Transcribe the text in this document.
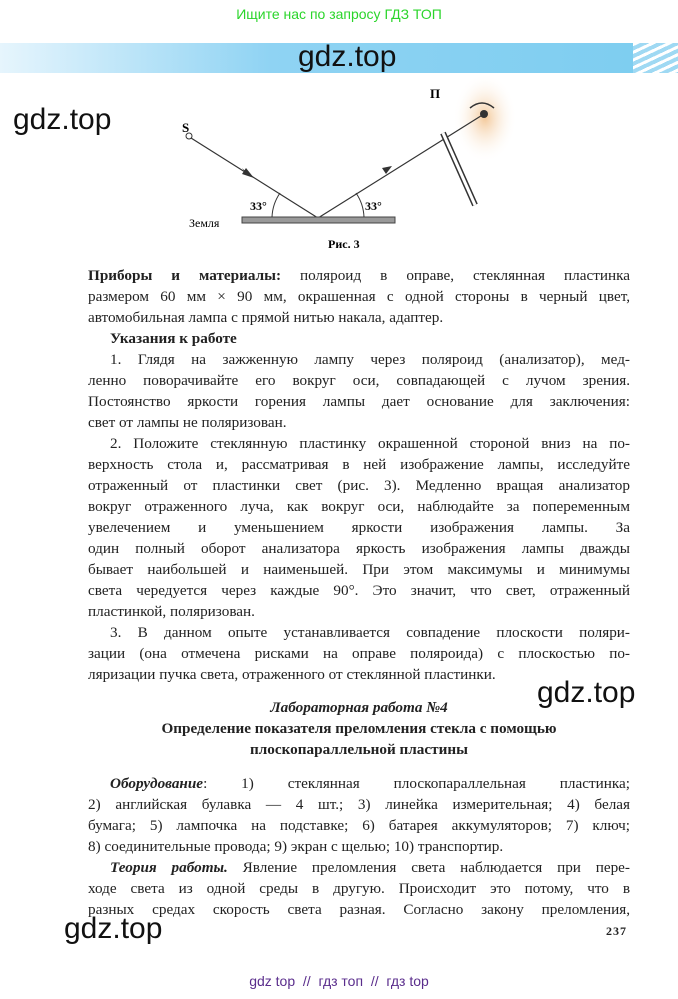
Ищите нас по запросу ГДЗ ТОП
gdz.top
gdz.top
gdz.top
gdz.top
S
П
33°	33°
Земля
Рис. 3
Приборы и материалы: поляроид в оправе, стеклянная пластинка
размером 60 мм × 90 мм, окрашенная с одной стороны в черный цвет,
автомобильная лампа с прямой нитью накала, адаптер.
Указания к работе
1. Глядя на зажженную лампу через поляроид (анализатор), мед-
ленно поворачивайте его вокруг оси, совпадающей с лучом зрения.
Постоянство яркости горения лампы дает основание для заключения:
свет от лампы не поляризован.
2. Положите стеклянную пластинку окрашенной стороной вниз на по-
верхность стола и, рассматривая в ней изображение лампы, исследуйте
отраженный от пластинки свет (рис. 3). Медленно вращая анализатор
вокруг отраженного луча, как вокруг оси, наблюдайте за попеременным
увелечением и уменьшением яркости изображения лампы. За
один полный оборот анализатора яркость изображения лампы дважды
бывает наибольшей и наименьшей. При этом максимумы и минимумы
света чередуется через каждые 90°. Это значит, что свет, отраженный
пластинкой, поляризован.
3. В данном опыте устанавливается совпадение плоскости поляри-
зации (она отмечена рисками на оправе поляроида) с плоскостью по-
ляризации пучка света, отраженного от стеклянной пластинки.
Лабораторная работа №4
Определение показателя преломления стекла с помощью
плоскопараллельной пластины
Оборудование: 1) стеклянная плоскопараллельная пластинка;
2) английская булавка — 4 шт.; 3) линейка измерительная; 4) белая
бумага; 5) лампочка на подставке; 6) батарея аккумуляторов; 7) ключ;
8) соединительные провода; 9) экран с щелью; 10) транспортир.
Теория работы. Явление преломления света наблюдается при пере-
ходе света из одной среды в другую. Происходит это потому, что в
разных средах скорость света разная. Согласно закону преломления,
237
gdz top  //  гдз топ  //  гдз top
